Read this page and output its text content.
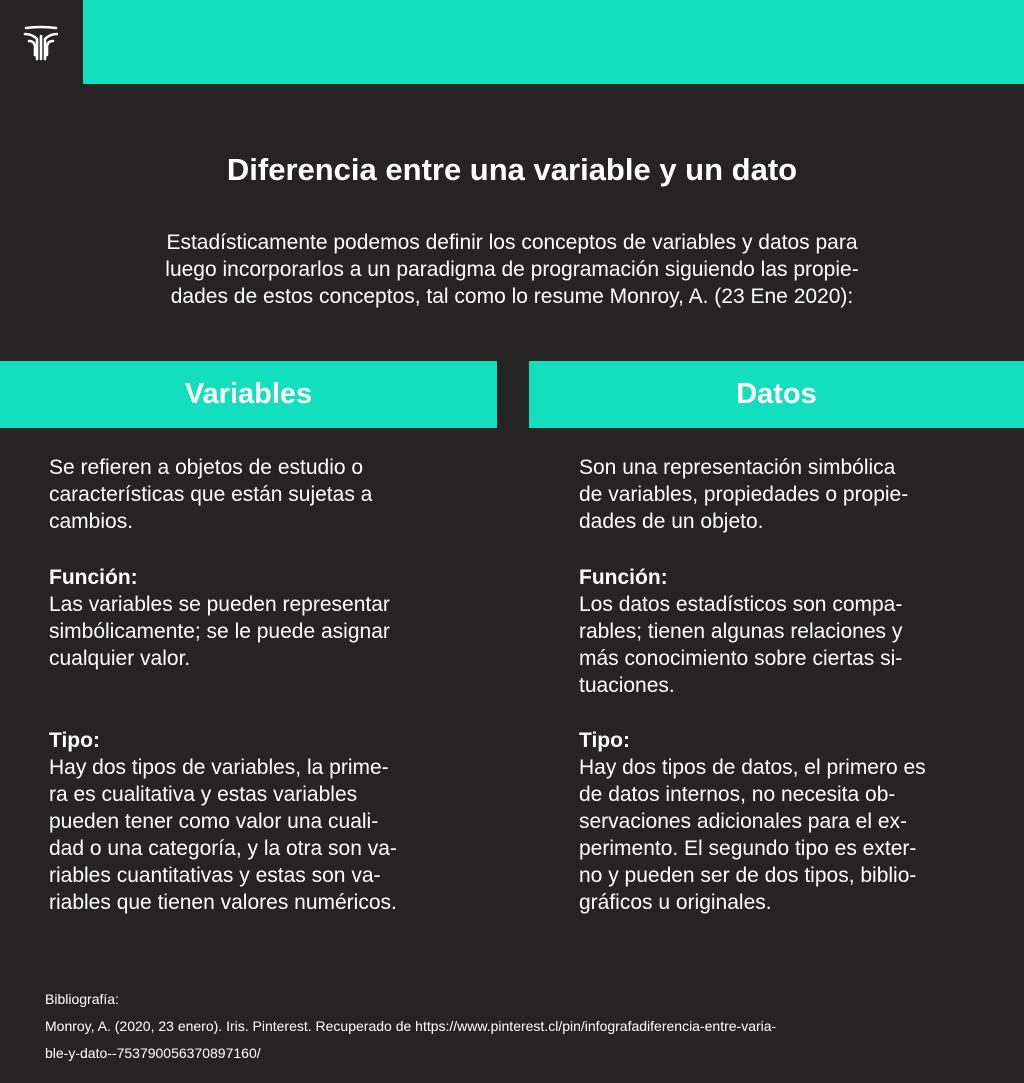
Diferencia entre una variable y un dato
Estadísticamente podemos definir los conceptos de variables y datos para
luego incorporarlos a un paradigma de programación siguiendo las propie-
dades de estos conceptos, tal como lo resume Monroy, A. (23 Ene 2020):
Variables	Datos

Se refieren a objetos de estudio o
características que están sujetas a
cambios.

Función:
Las variables se pueden representar
simbólicamente; se le puede asignar
cualquier valor.

Tipo:
Hay dos tipos de variables, la prime-
ra es cualitativa y estas variables
pueden tener como valor una cuali-
dad o una categoría, y la otra son va-
riables cuantitativas y estas son va-
riables que tienen valores numéricos.

Son una representación simbólica
de variables, propiedades o propie-
dades de un objeto.

Función:
Los datos estadísticos son compa-
rables; tienen algunas relaciones y
más conocimiento sobre ciertas si-
tuaciones.

Tipo:
Hay dos tipos de datos, el primero es
de datos internos, no necesita ob-
servaciones adicionales para el ex-
perimento. El segundo tipo es exter-
no y pueden ser de dos tipos, biblio-
gráficos u originales.

Bibliografía:
Monroy, A. (2020, 23 enero). Iris. Pinterest. Recuperado de https://www.pinterest.cl/pin/infografadiferencia-entre-varia-
ble-y-dato--753790056370897160/
